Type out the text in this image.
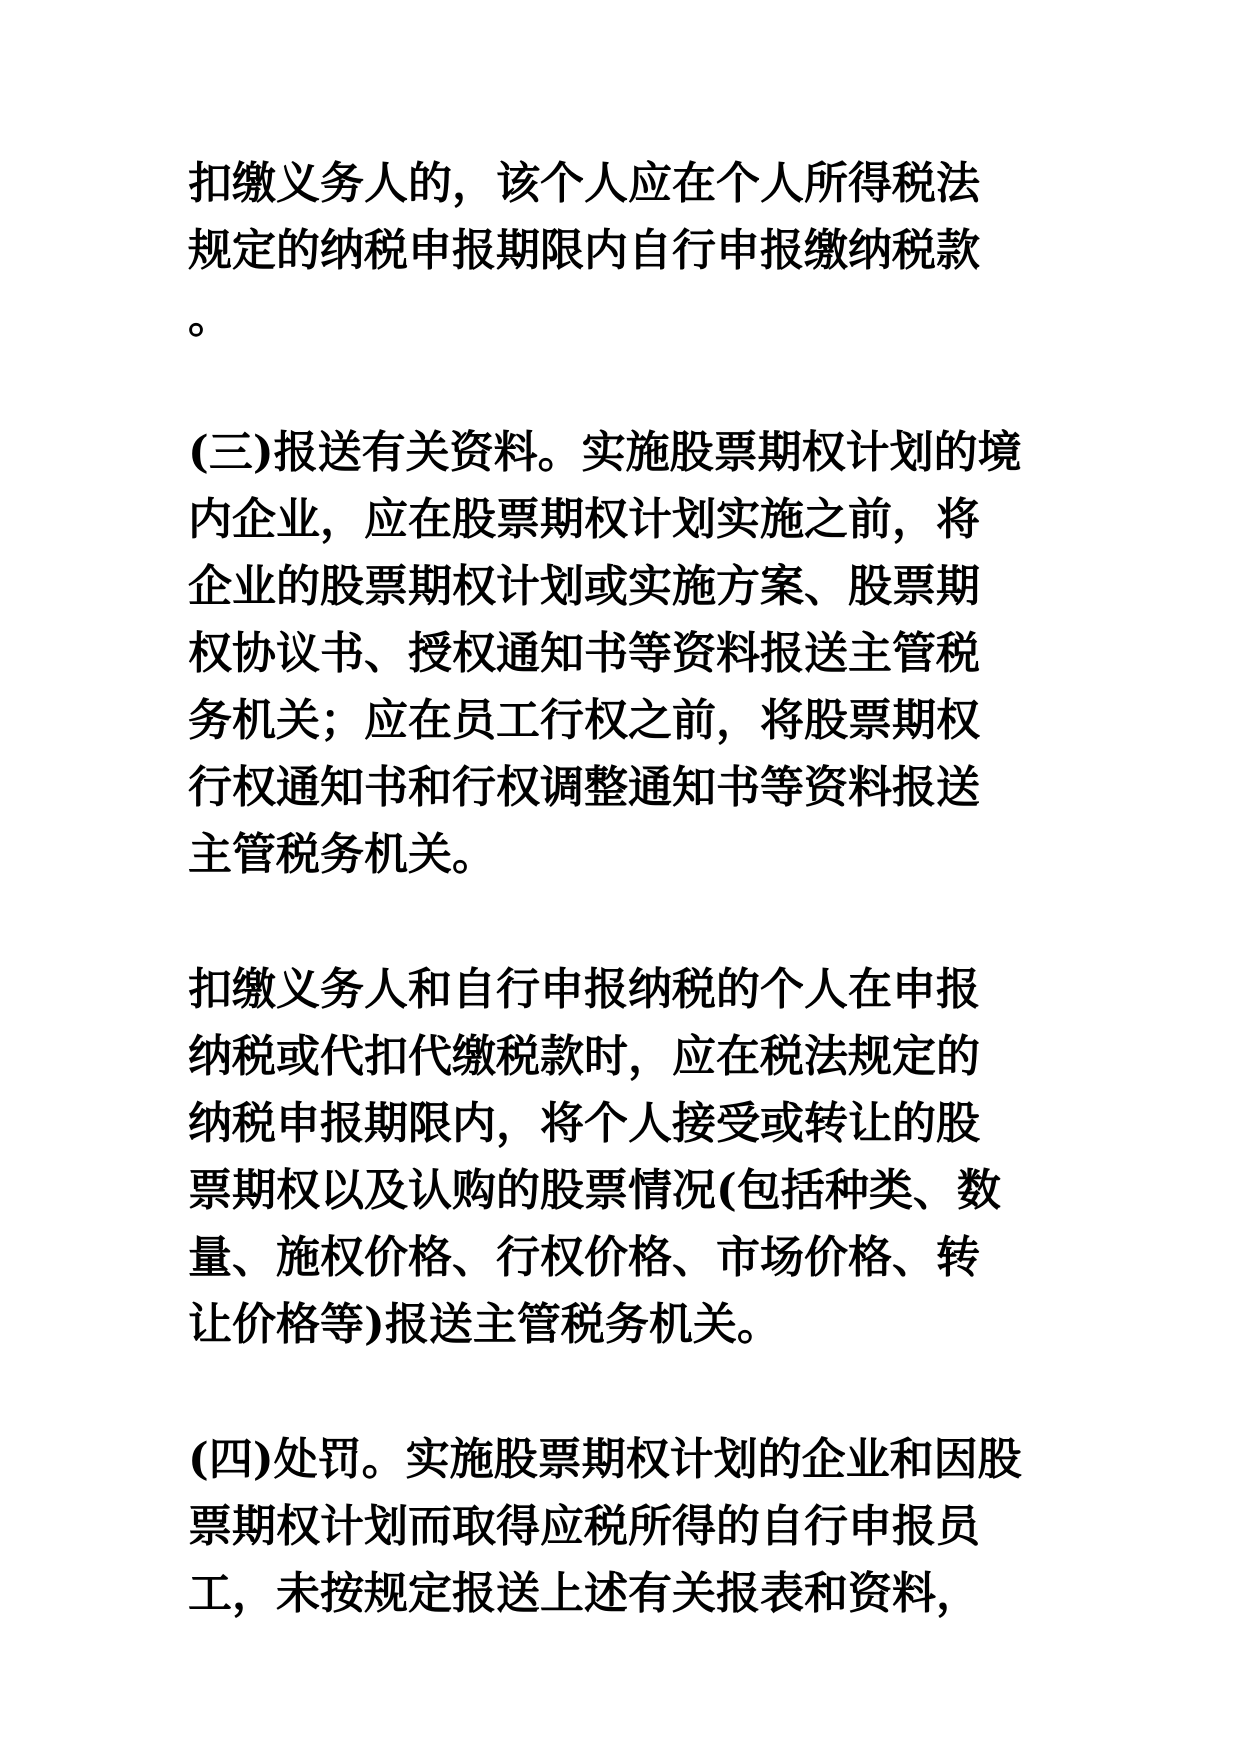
扣缴义务人的，该个人应在个人所得税法
规定的纳税申报期限内自行申报缴纳税款
。

(三)报送有关资料。实施股票期权计划的境
内企业，应在股票期权计划实施之前，将
企业的股票期权计划或实施方案、股票期
权协议书、授权通知书等资料报送主管税
务机关；应在员工行权之前，将股票期权
行权通知书和行权调整通知书等资料报送
主管税务机关。

扣缴义务人和自行申报纳税的个人在申报
纳税或代扣代缴税款时，应在税法规定的
纳税申报期限内，将个人接受或转让的股
票期权以及认购的股票情况(包括种类、数
量、施权价格、行权价格、市场价格、转
让价格等)报送主管税务机关。

(四)处罚。实施股票期权计划的企业和因股
票期权计划而取得应税所得的自行申报员
工，未按规定报送上述有关报表和资料，
